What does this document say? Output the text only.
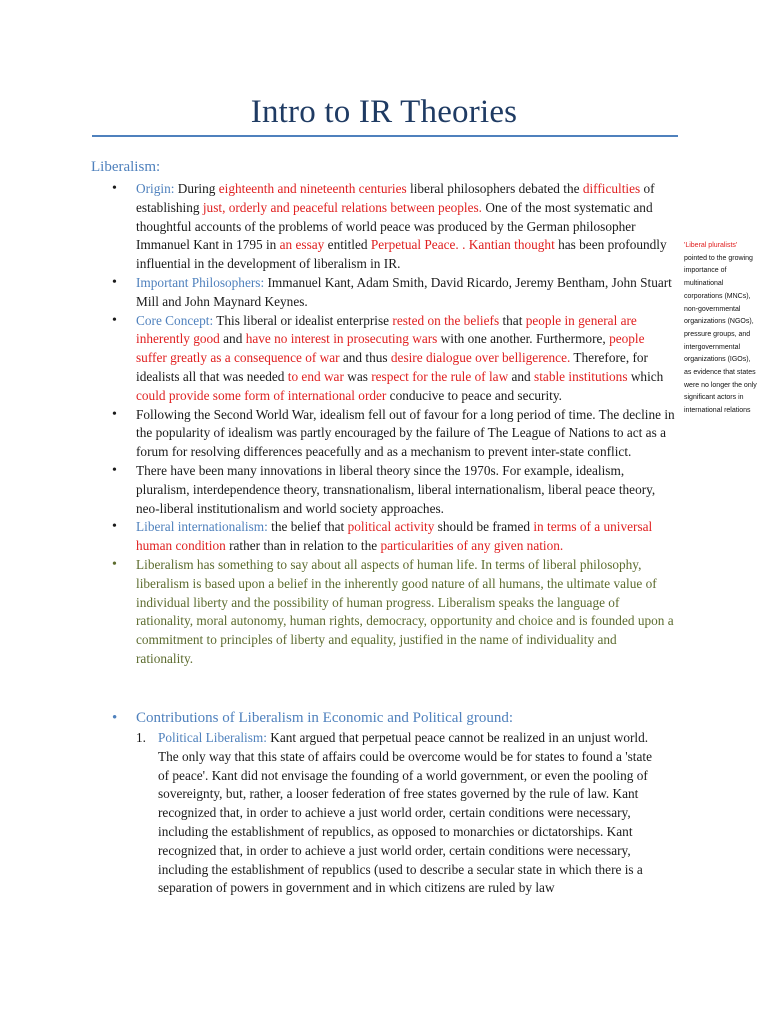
Intro to IR Theories
Liberalism:
• Origin: During eighteenth and nineteenth centuries liberal philosophers debated the difficulties of establishing just, orderly and peaceful relations between peoples. One of the most systematic and thoughtful accounts of the problems of world peace was produced by the German philosopher Immanuel Kant in 1795 in an essay entitled Perpetual Peace. . Kantian thought has been profoundly influential in the development of liberalism in IR.
• Important Philosophers: Immanuel Kant, Adam Smith, David Ricardo, Jeremy Bentham, John Stuart Mill and John Maynard Keynes.
• Core Concept: This liberal or idealist enterprise rested on the beliefs that people in general are inherently good and have no interest in prosecuting wars with one another. Furthermore, people suffer greatly as a consequence of war and thus desire dialogue over belligerence. Therefore, for idealists all that was needed to end war was respect for the rule of law and stable institutions which could provide some form of international order conducive to peace and security.
• Following the Second World War, idealism fell out of favour for a long period of time. The decline in the popularity of idealism was partly encouraged by the failure of The League of Nations to act as a forum for resolving differences peacefully and as a mechanism to prevent inter-state conflict.
• There have been many innovations in liberal theory since the 1970s. For example, idealism, pluralism, interdependence theory, transnationalism, liberal internationalism, liberal peace theory, neo-liberal institutionalism and world society approaches.
• Liberal internationalism: the belief that political activity should be framed in terms of a universal human condition rather than in relation to the particularities of any given nation.
• Liberalism has something to say about all aspects of human life. In terms of liberal philosophy, liberalism is based upon a belief in the inherently good nature of all humans, the ultimate value of individual liberty and the possibility of human progress. Liberalism speaks the language of rationality, moral autonomy, human rights, democracy, opportunity and choice and is founded upon a commitment to principles of liberty and equality, justified in the name of individuality and rationality.
'Liberal pluralists' pointed to the growing importance of multinational corporations (MNCs), non-governmental organizations (NGOs), pressure groups, and intergovernmental organizations (IGOs), as evidence that states were no longer the only significant actors in international relations
• Contributions of Liberalism in Economic and Political ground:
1. Political Liberalism: Kant argued that perpetual peace cannot be realized in an unjust world. The only way that this state of affairs could be overcome would be for states to found a 'state of peace'. Kant did not envisage the founding of a world government, or even the pooling of sovereignty, but, rather, a looser federation of free states governed by the rule of law. Kant recognized that, in order to achieve a just world order, certain conditions were necessary, including the establishment of republics, as opposed to monarchies or dictatorships. Kant recognized that, in order to achieve a just world order, certain conditions were necessary, including the establishment of republics (used to describe a secular state in which there is a separation of powers in government and in which citizens are ruled by law
